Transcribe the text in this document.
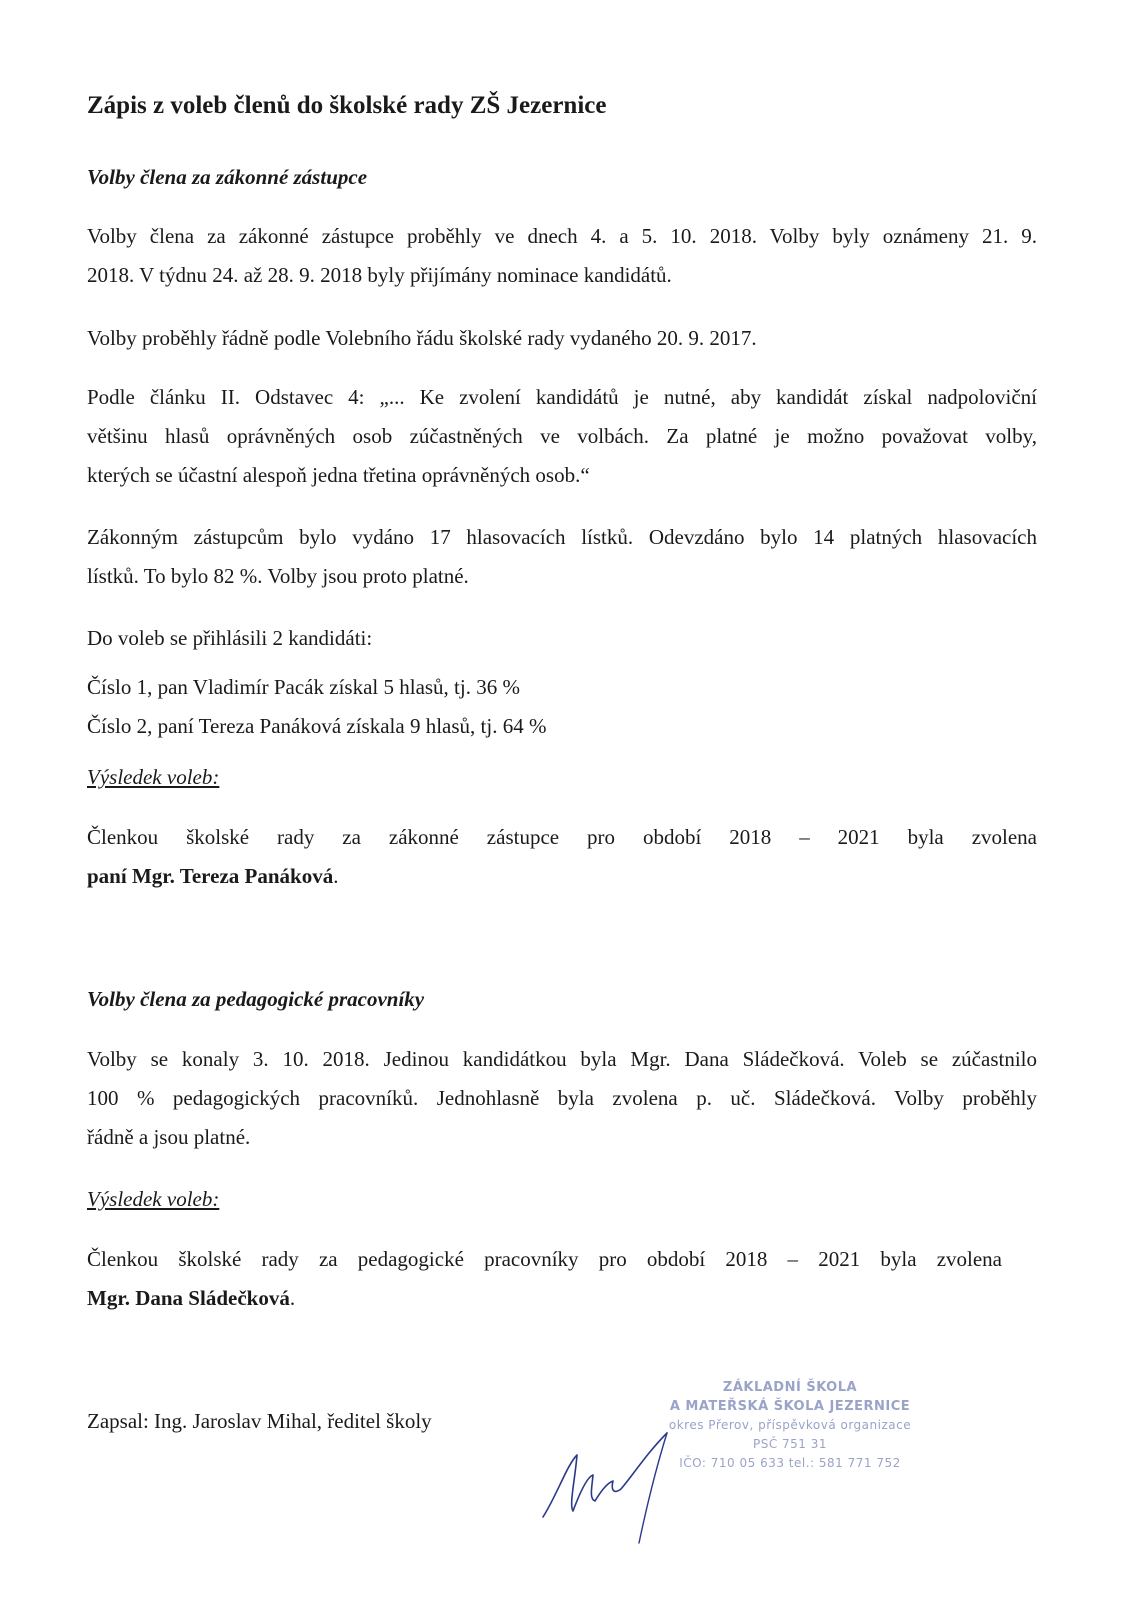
Zápis z voleb členů do školské rady ZŠ Jezernice

Volby člena za zákonné zástupce

Volby člena za zákonné zástupce proběhly ve dnech 4. a 5. 10. 2018. Volby byly oznámeny 21. 9.
2018. V týdnu 24. až 28. 9. 2018 byly přijímány nominace kandidátů.

Volby proběhly řádně podle Volebního řádu školské rady vydaného 20. 9. 2017.

Podle článku II. Odstavec 4: „... Ke zvolení kandidátů je nutné, aby kandidát získal nadpoloviční
většinu hlasů oprávněných osob zúčastněných ve volbách. Za platné je možno považovat volby,
kterých se účastní alespoň jedna třetina oprávněných osob.“
Zákonným zástupcům bylo vydáno 17 hlasovacích lístků. Odevzdáno bylo 14 platných hlasovacích
lístků. To bylo 82 %. Volby jsou proto platné.

Do voleb se přihlásili 2 kandidáti:

Číslo 1, pan Vladimír Pacák získal 5 hlasů, tj. 36 %
Číslo 2, paní Tereza Panáková získala 9 hlasů, tj. 64 %

Výsledek voleb:

Členkou školské rady za zákonné zástupce pro období 2018 – 2021 byla zvolena
paní Mgr. Tereza Panáková.

Volby člena za pedagogické pracovníky

Volby se konaly 3. 10. 2018. Jedinou kandidátkou byla Mgr. Dana Sládečková. Voleb se zúčastnilo
100 % pedagogických pracovníků. Jednohlasně byla zvolena p. uč. Sládečková. Volby proběhly
řádně a jsou platné.

Výsledek voleb:

Členkou školské rady za pedagogické pracovníky pro období 2018 – 2021 byla zvolena
Mgr. Dana Sládečková.

Zapsal: Ing. Jaroslav Mihal, ředitel školy

ZÁKLADNÍ ŠKOLA
A MATEŘSKÁ ŠKOLA JEZERNICE
okres Přerov, příspěvková organizace
PSČ 751 31
IČO: 710 05 633 tel.: 581 771 752
